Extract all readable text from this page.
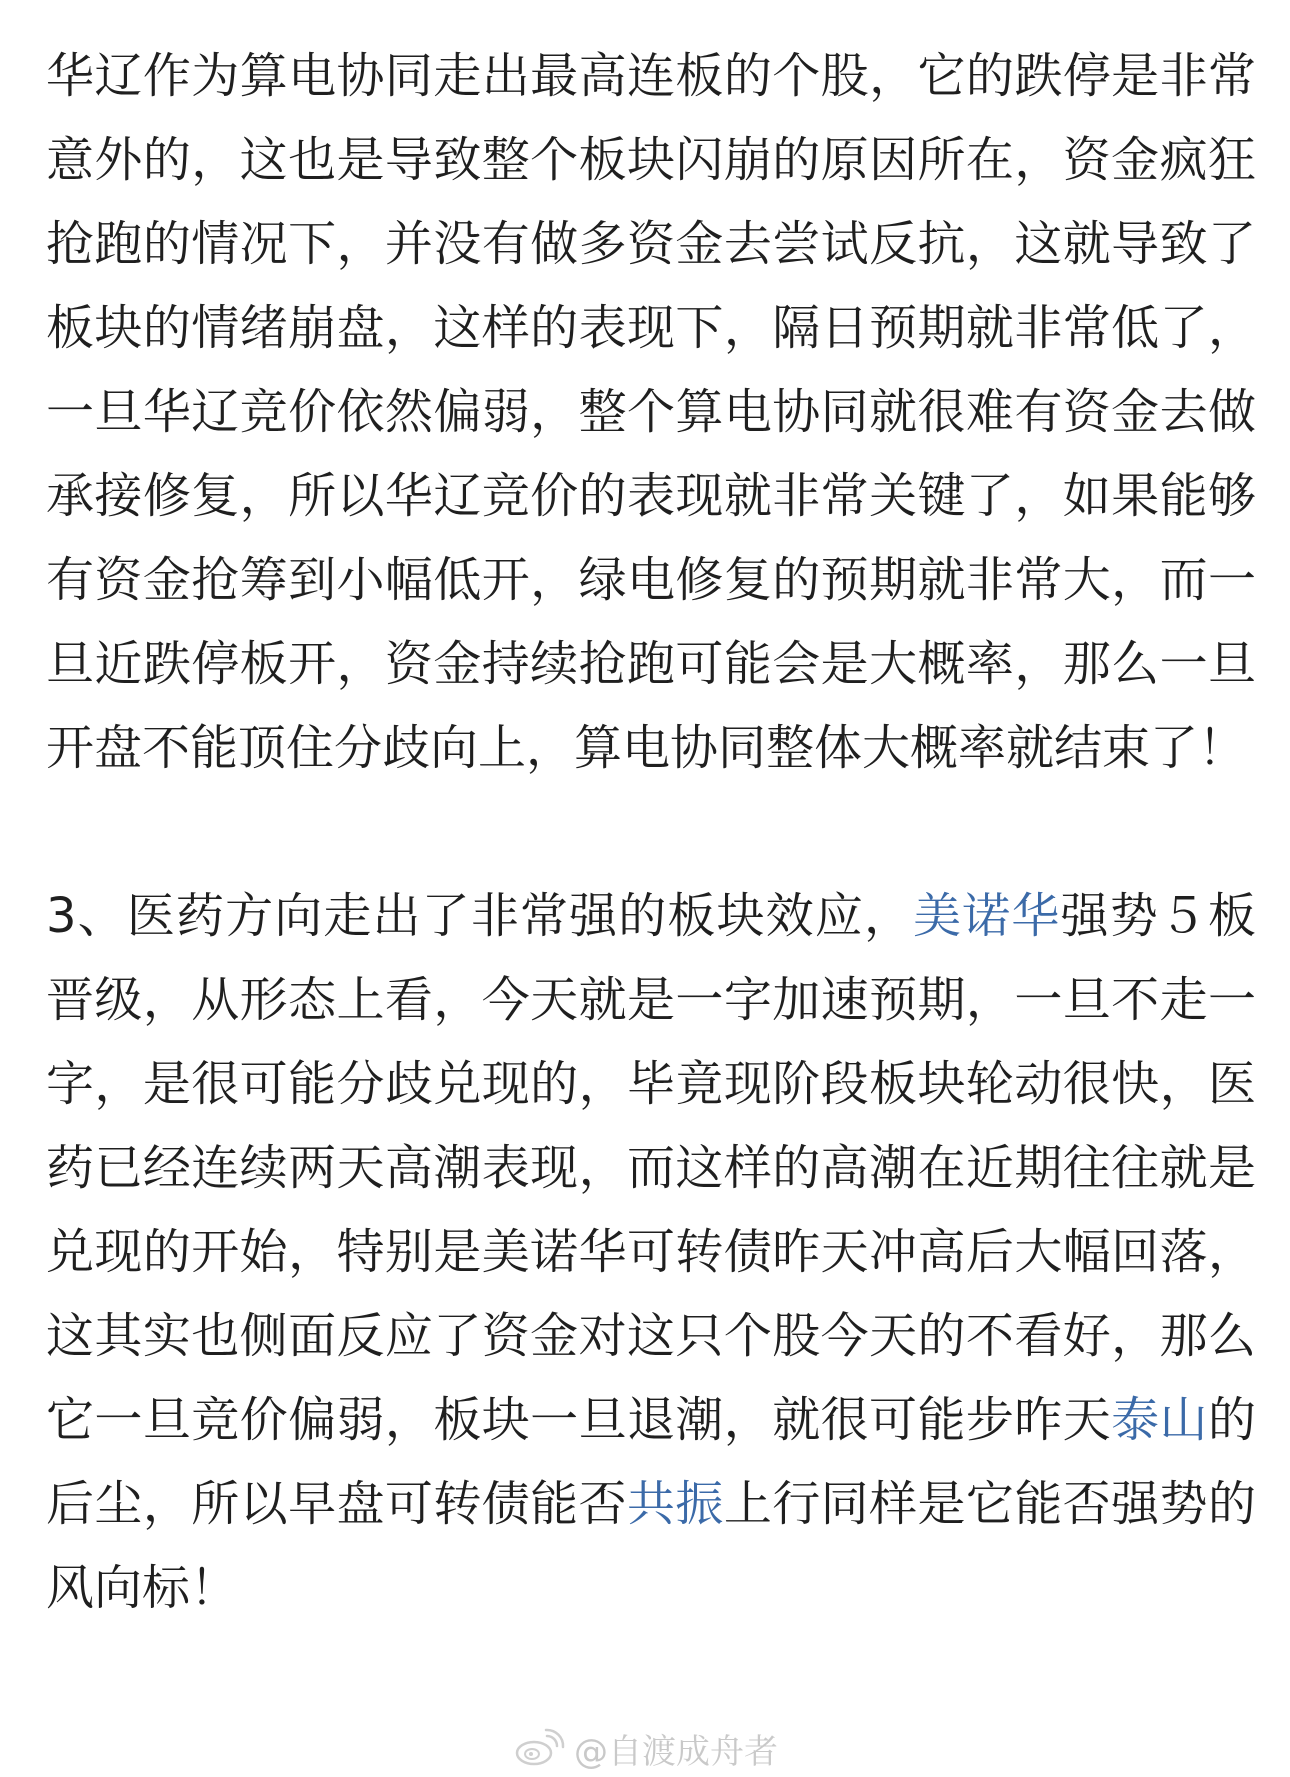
华辽作为算电协同走出最高连板的个股，它的跌停是非常意外的，这也是导致整个板块闪崩的原因所在，资金疯狂抢跑的情况下，并没有做多资金去尝试反抗，这就导致了板块的情绪崩盘，这样的表现下，隔日预期就非常低了，一旦华辽竞价依然偏弱，整个算电协同就很难有资金去做承接修复，所以华辽竞价的表现就非常关键了，如果能够有资金抢筹到小幅低开，绿电修复的预期就非常大，而一旦近跌停板开，资金持续抢跑可能会是大概率，那么一旦开盘不能顶住分歧向上，算电协同整体大概率就结束了！

3、医药方向走出了非常强的板块效应，美诺华强势５板晋级，从形态上看，今天就是一字加速预期，一旦不走一字，是很可能分歧兑现的，毕竟现阶段板块轮动很快，医药已经连续两天高潮表现，而这样的高潮在近期往往就是兑现的开始，特别是美诺华可转债昨天冲高后大幅回落，这其实也侧面反应了资金对这只个股今天的不看好，那么它一旦竞价偏弱，板块一旦退潮，就很可能步昨天泰山的后尘，所以早盘可转债能否共振上行同样是它能否强势的风向标！

@自渡成舟者
